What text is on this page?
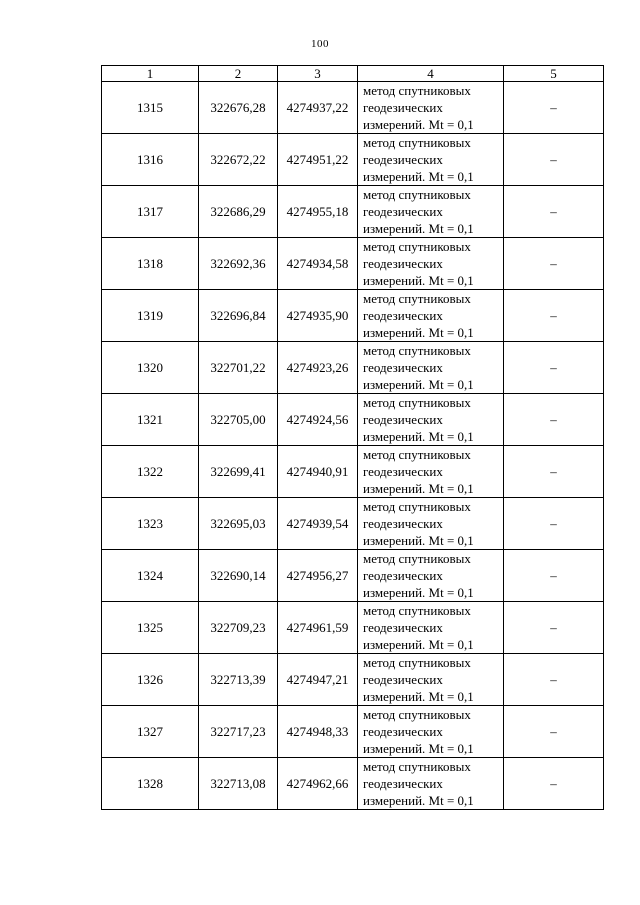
100
1	2	3	4	5
1315	322676,28	4274937,22	метод спутниковых
геодезических
измерений. Mt = 0,1	–
1316	322672,22	4274951,22	метод спутниковых
геодезических
измерений. Mt = 0,1	–
1317	322686,29	4274955,18	метод спутниковых
геодезических
измерений. Mt = 0,1	–
1318	322692,36	4274934,58	метод спутниковых
геодезических
измерений. Mt = 0,1	–
1319	322696,84	4274935,90	метод спутниковых
геодезических
измерений. Mt = 0,1	–
1320	322701,22	4274923,26	метод спутниковых
геодезических
измерений. Mt = 0,1	–
1321	322705,00	4274924,56	метод спутниковых
геодезических
измерений. Mt = 0,1	–
1322	322699,41	4274940,91	метод спутниковых
геодезических
измерений. Mt = 0,1	–
1323	322695,03	4274939,54	метод спутниковых
геодезических
измерений. Mt = 0,1	–
1324	322690,14	4274956,27	метод спутниковых
геодезических
измерений. Mt = 0,1	–
1325	322709,23	4274961,59	метод спутниковых
геодезических
измерений. Mt = 0,1	–
1326	322713,39	4274947,21	метод спутниковых
геодезических
измерений. Mt = 0,1	–
1327	322717,23	4274948,33	метод спутниковых
геодезических
измерений. Mt = 0,1	–
1328	322713,08	4274962,66	метод спутниковых
геодезических
измерений. Mt = 0,1	–
